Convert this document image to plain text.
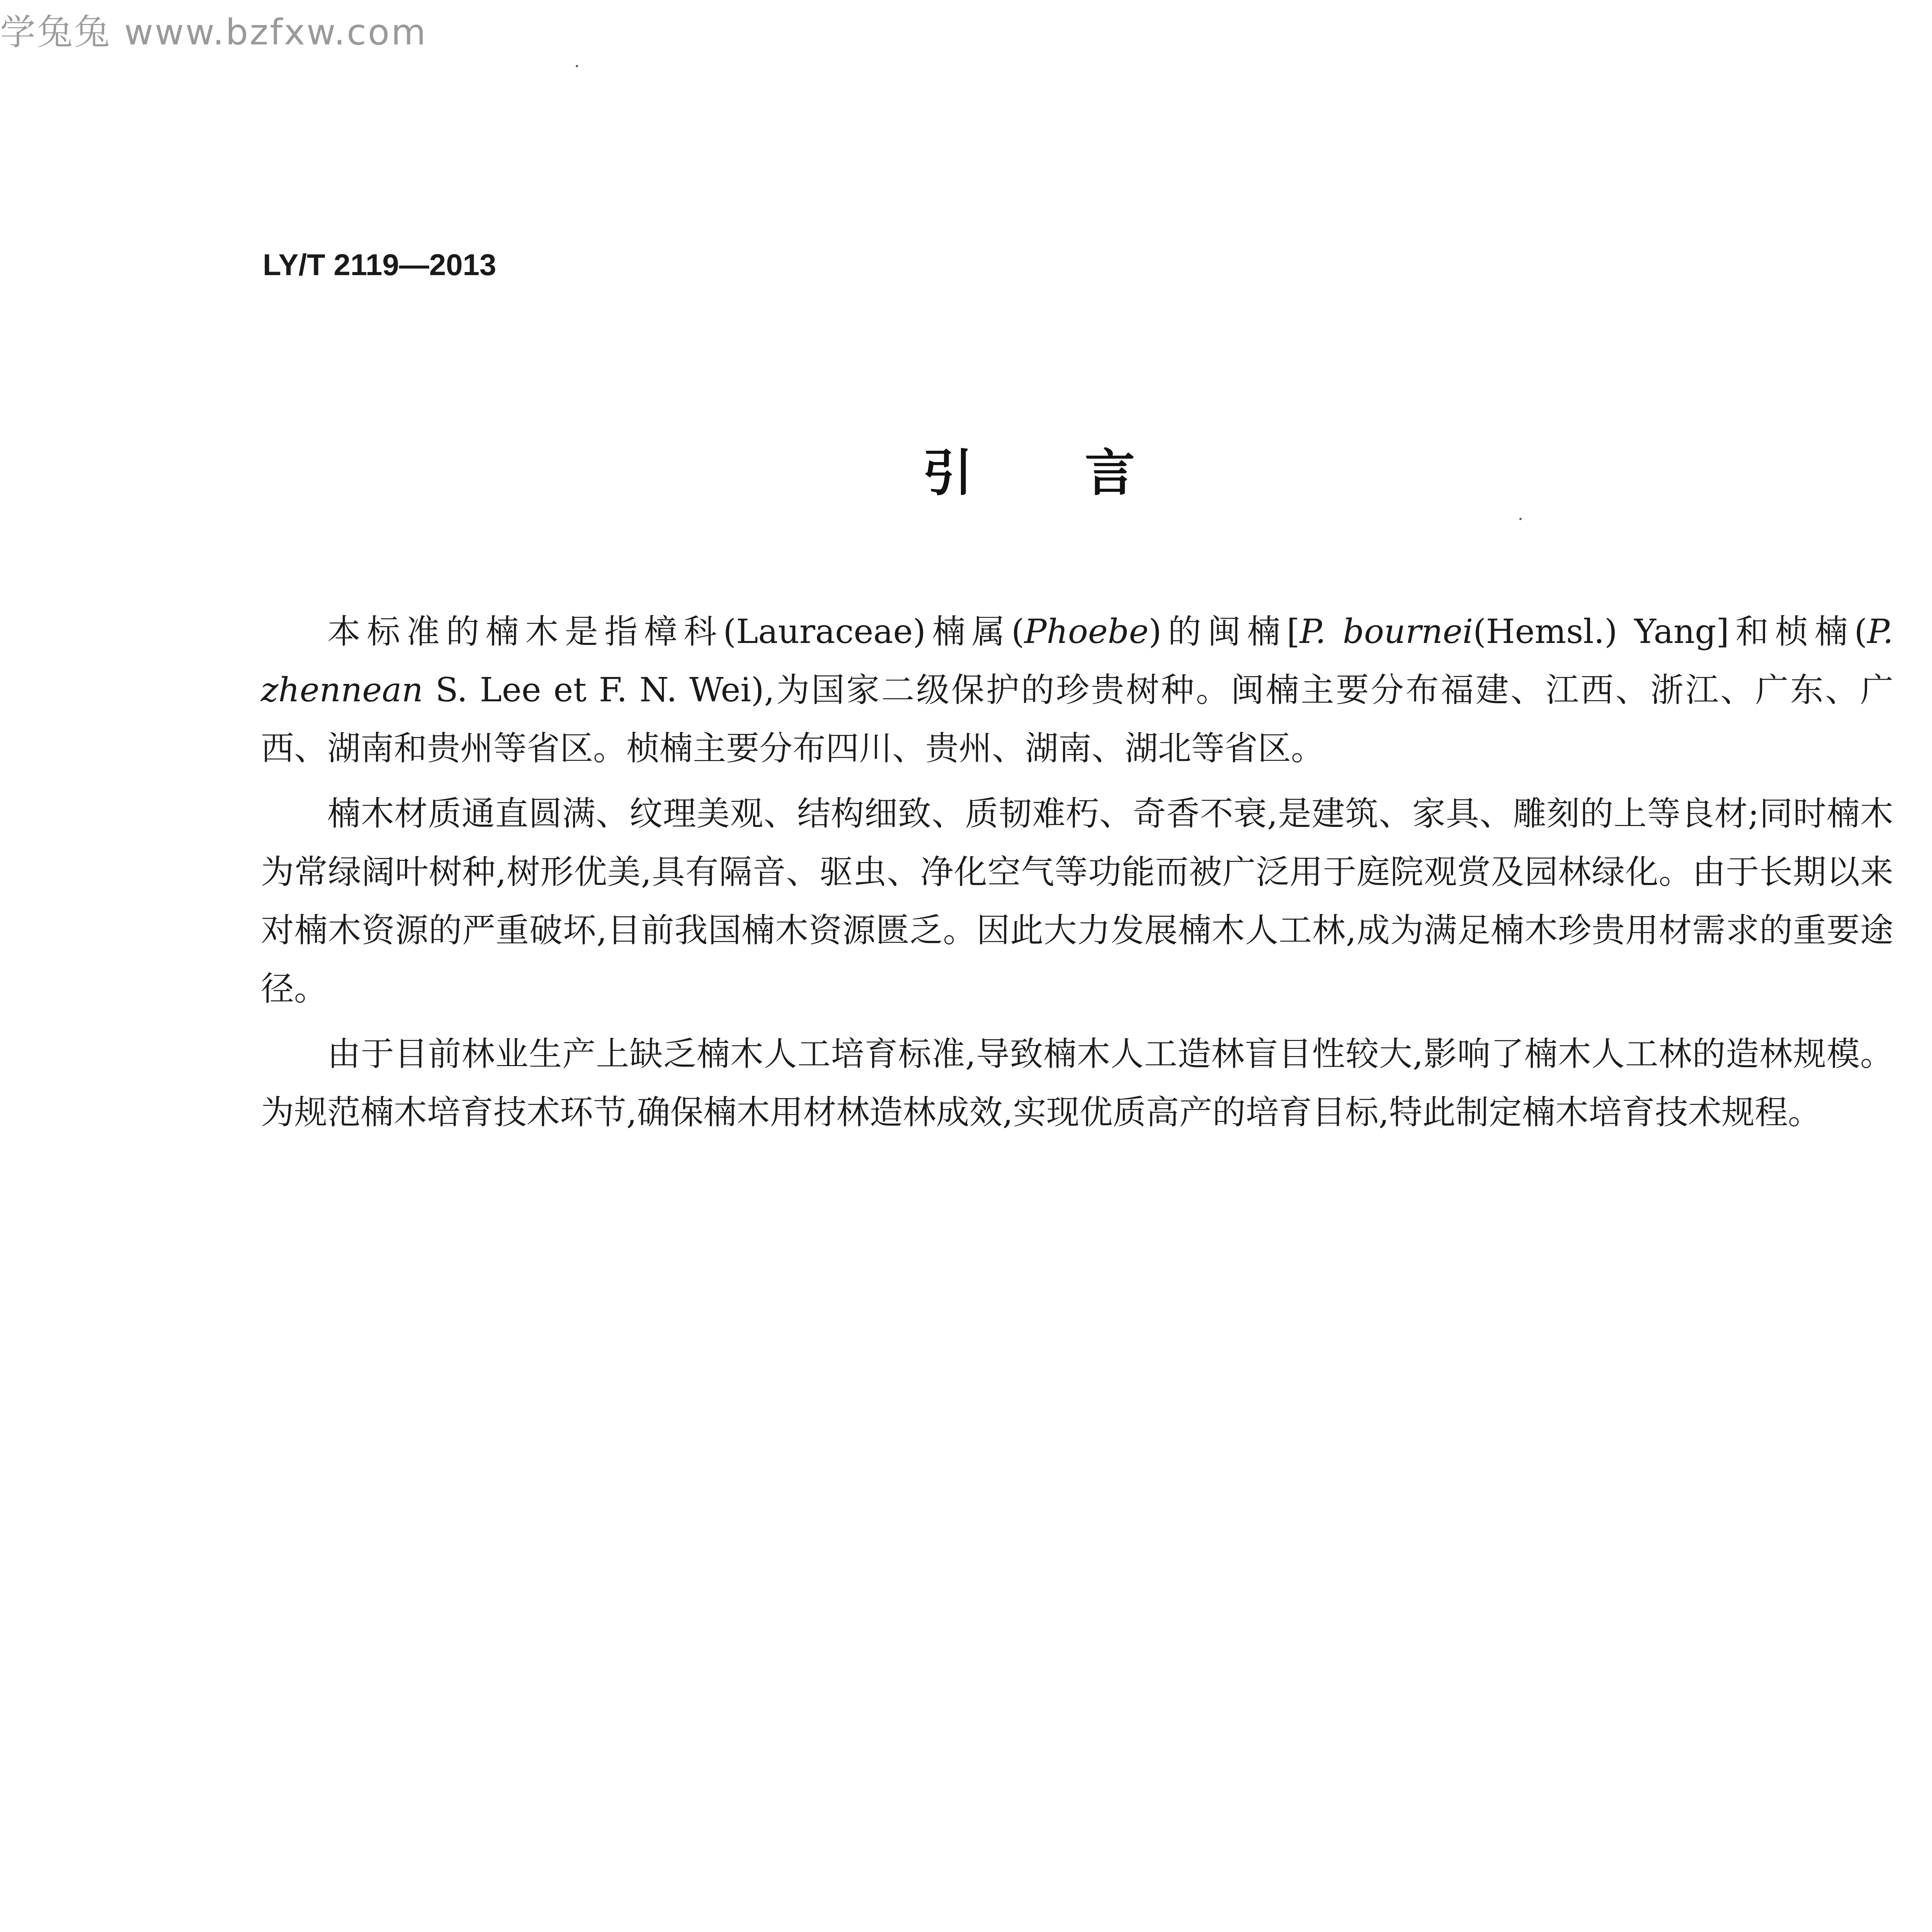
学兔兔 www.bzfxw.com
LY/T 2119—2013
引言

本标准的楠木是指樟科(Lauraceae)楠属(Phoebe)的闽楠[P. bournei(Hemsl.) Yang]和桢楠(P. zhennean S. Lee et F. N. Wei),为国家二级保护的珍贵树种。闽楠主要分布福建、江西、浙江、广东、广西、湖南和贵州等省区。桢楠主要分布四川、贵州、湖南、湖北等省区。

楠木材质通直圆满、纹理美观、结构细致、质韧难朽、奇香不衰,是建筑、家具、雕刻的上等良材;同时楠木为常绿阔叶树种,树形优美,具有隔音、驱虫、净化空气等功能而被广泛用于庭院观赏及园林绿化。由于长期以来对楠木资源的严重破坏,目前我国楠木资源匮乏。因此大力发展楠木人工林,成为满足楠木珍贵用材需求的重要途径。

由于目前林业生产上缺乏楠木人工培育标准,导致楠木人工造林盲目性较大,影响了楠木人工林的造林规模。为规范楠木培育技术环节,确保楠木用材林造林成效,实现优质高产的培育目标,特此制定楠木培育技术规程。
